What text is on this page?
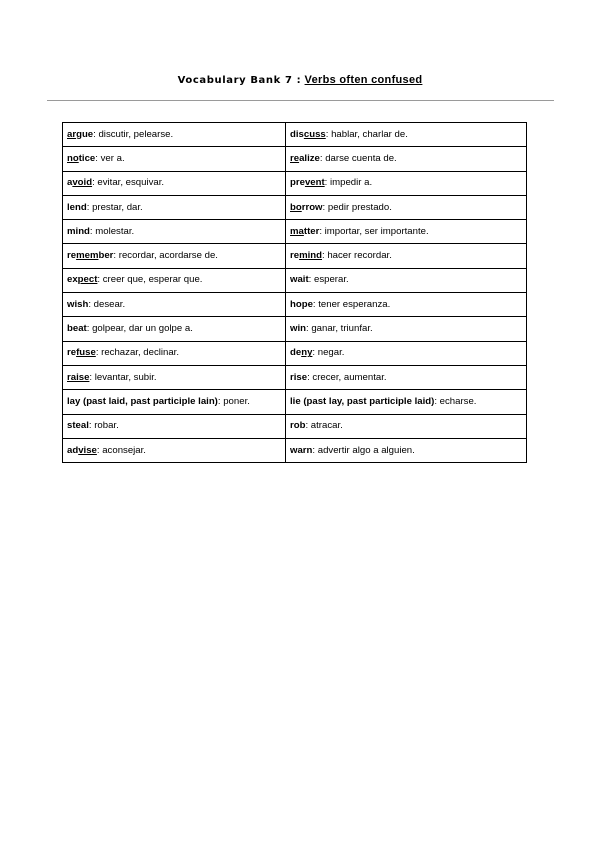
Vocabulary Bank 7 : Verbs often confused
argue: discutir, pelearse.	discuss: hablar, charlar de.
notice: ver a.	realize: darse cuenta de.
avoid: evitar, esquivar.	prevent: impedir a.
lend: prestar, dar.	borrow: pedir prestado.
mind: molestar.	matter: importar, ser importante.
remember: recordar, acordarse de.	remind: hacer recordar.
expect: creer que, esperar que.	wait: esperar.
wish: desear.	hope: tener esperanza.
beat: golpear, dar un golpe a.	win: ganar, triunfar.
refuse: rechazar, declinar.	deny: negar.
raise: levantar, subir.	rise: crecer, aumentar.
lay (past laid, past participle lain): poner.	lie (past lay, past participle laid): echarse.
steal: robar.	rob: atracar.
advise: aconsejar.	warn: advertir algo a alguien.
